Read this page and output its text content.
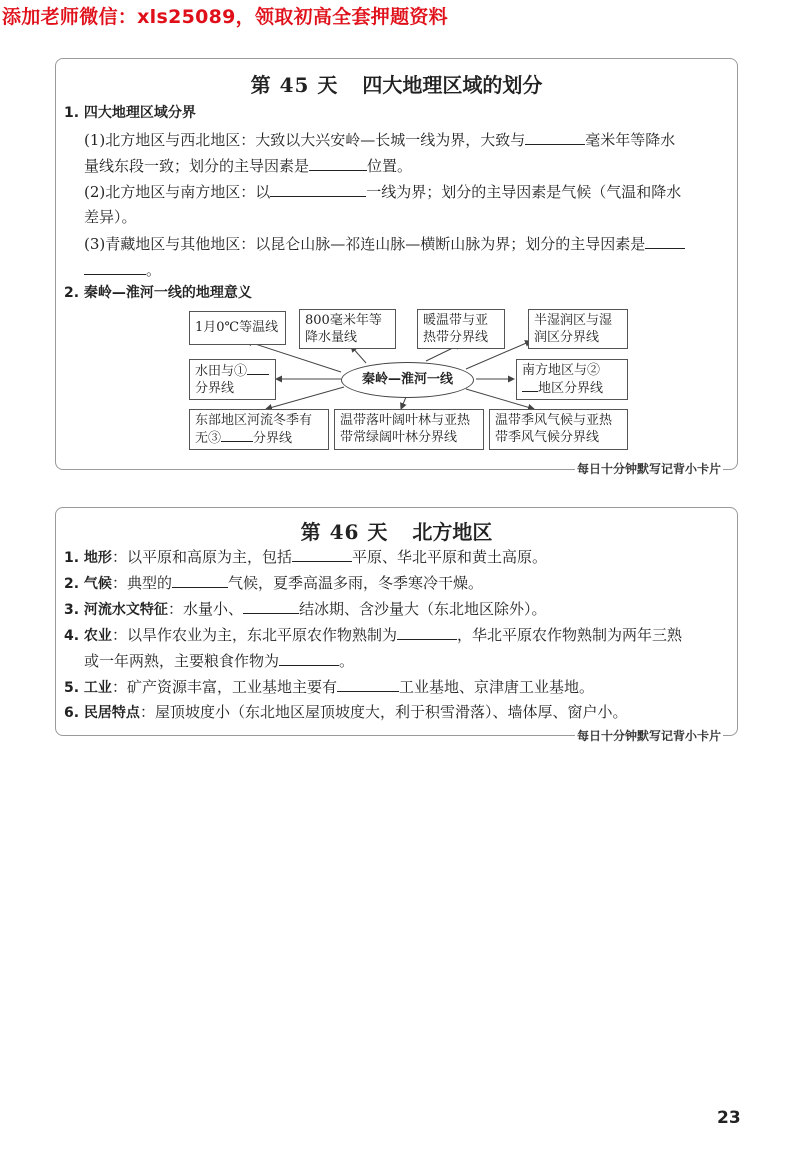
添加老师微信：xls25089，领取初高全套押题资料
第 45 天 四大地理区域的划分
1. 四大地理区域分界
(1)北方地区与西北地区：大致以大兴安岭—长城一线为界，大致与	毫米年等降水
量线东段一致；划分的主导因素是	位置。
(2)北方地区与南方地区：以	一线为界；划分的主导因素是气候（气温和降水
差异）。
(3)青藏地区与其他地区：以昆仑山脉—祁连山脉—横断山脉为界；划分的主导因素是
。
2. 秦岭—淮河一线的地理意义
1月0℃等温线	800毫米年等
降水量线
暖温带与亚
热带分界线
半湿润区与湿
润区分界线
水田与①
分界线
秦岭—淮河一线
南方地区与②
地区分界线
东部地区河流冬季有
无③ 分界线
温带落叶阔叶林与亚热
带常绿阔叶林分界线
温带季风气候与亚热
带季风气候分界线
每日十分钟默写记背小卡片
第 46 天 北方地区
1. 地形：以平原和高原为主，包括	平原、华北平原和黄土高原。
2. 气候：典型的	气候，夏季高温多雨，冬季寒冷干燥。
3. 河流水文特征：水量小、	结冰期、含沙量大（东北地区除外）。
4. 农业：以旱作农业为主，东北平原农作物熟制为	，华北平原农作物熟制为两年三熟
或一年两熟，主要粮食作物为	。
5. 工业：矿产资源丰富，工业基地主要有	工业基地、京津唐工业基地。
6. 民居特点：屋顶坡度小（东北地区屋顶坡度大，利于积雪滑落）、墙体厚、窗户小。
每日十分钟默写记背小卡片
23
